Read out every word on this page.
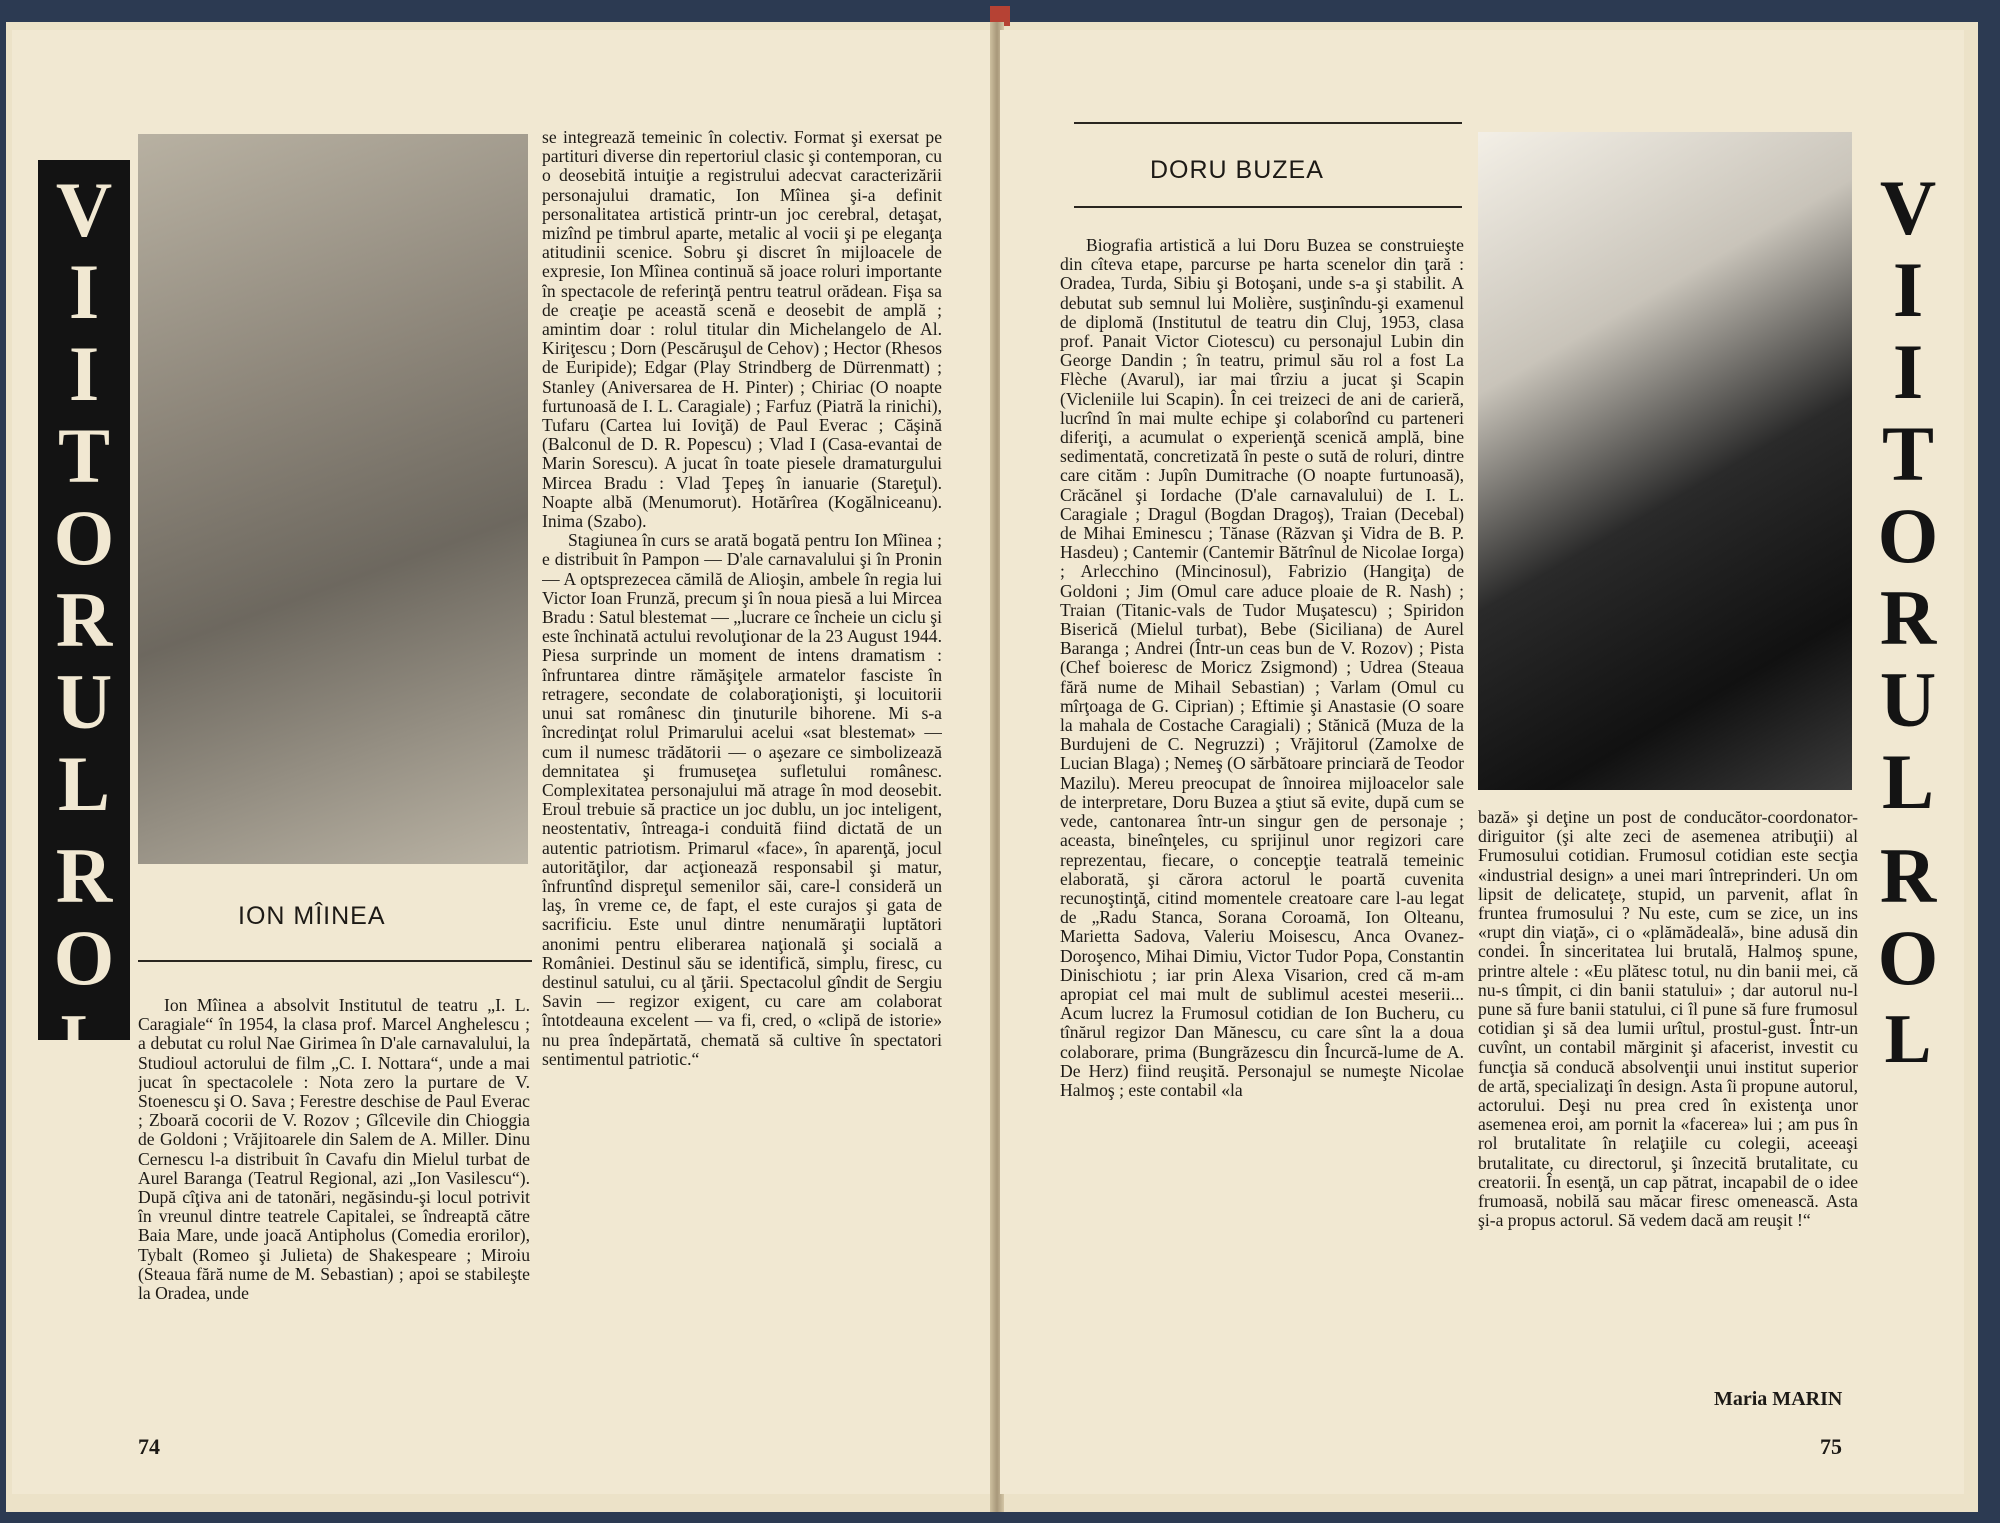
V
I
I
T
O
R
U
L
R
O
L
ION MÎINEA

Ion Mîinea a absolvit Institutul de teatru „I. L. Caragiale“ în 1954, la clasa prof. Marcel Anghelescu ; a debutat cu rolul Nae Girimea în D'ale carnavalului, la Studioul actorului de film „C. I. Nottara“, unde a mai jucat în spectacolele : Nota zero la purtare de V. Stoenescu şi O. Sava ; Ferestre deschise de Paul Everac ; Zboară cocorii de V. Rozov ; Gîlcevile din Chioggia de Goldoni ; Vrăjitoarele din Salem de A. Miller. Dinu Cernescu l-a distribuit în Cavafu din Mielul turbat de Aurel Baranga (Teatrul Regional, azi „Ion Vasilescu“). După cîţiva ani de tatonări, negăsindu-şi locul potrivit în vreunul dintre teatrele Capitalei, se îndreaptă către Baia Mare, unde joacă Antipholus (Comedia erorilor), Tybalt (Romeo şi Julieta) de Shakespeare ; Miroiu (Steaua fără nume de M. Sebastian) ; apoi se stabileşte la Oradea, unde

se integrează temeinic în colectiv. Format şi exersat pe partituri diverse din repertoriul clasic şi contemporan, cu o deosebită intuiţie a registrului adecvat caracterizării personajului dramatic, Ion Mîinea şi-a definit personalitatea artistică printr-un joc cerebral, detaşat, mizînd pe timbrul aparte, metalic al vocii şi pe eleganţa atitudinii scenice. Sobru şi discret în mijloacele de expresie, Ion Mîinea continuă să joace roluri importante în spectacole de referinţă pentru teatrul orădean. Fişa sa de creaţie pe această scenă e deosebit de amplă ; amintim doar : rolul titular din Michelangelo de Al. Kiriţescu ; Dorn (Pescăruşul de Cehov) ; Hector (Rhesos de Euripide); Edgar (Play Strindberg de Dürrenmatt) ; Stanley (Aniversarea de H. Pinter) ; Chiriac (O noapte furtunoasă de I. L. Caragiale) ; Farfuz (Piatră la rinichi), Tufaru (Cartea lui Ioviţă) de Paul Everac ; Căşină (Balconul de D. R. Popescu) ; Vlad I (Casa-evantai de Marin Sorescu). A jucat în toate piesele dramaturgului Mircea Bradu : Vlad Ţepeş în ianuarie (Stareţul). Noapte albă (Menumorut). Hotărîrea (Kogălniceanu). Inima (Szabo).

Stagiunea în curs se arată bogată pentru Ion Mîinea ; e distribuit în Pampon — D'ale carnavalului şi în Pronin — A optsprezecea cămilă de Alioşin, ambele în regia lui Victor Ioan Frunză, precum şi în noua piesă a lui Mircea Bradu : Satul blestemat — „lucrare ce încheie un ciclu şi este închinată actului revoluţionar de la 23 August 1944. Piesa surprinde un moment de intens dramatism : înfruntarea dintre rămăşiţele armatelor fasciste în retragere, secondate de colaboraţionişti, şi locuitorii unui sat românesc din ţinuturile bihorene. Mi s-a încredinţat rolul Primarului acelui «sat blestemat» — cum il numesc trădătorii — o aşezare ce simbolizează demnitatea şi frumuseţea sufletului românesc. Complexitatea personajului mă atrage în mod deosebit. Eroul trebuie să practice un joc dublu, un joc inteligent, neostentativ, întreaga-i conduită fiind dictată de un autentic patriotism. Primarul «face», în aparenţă, jocul autorităţilor, dar acţionează responsabil şi matur, înfruntînd dispreţul semenilor săi, care-l consideră un laş, în vreme ce, de fapt, el este curajos şi gata de sacrificiu. Este unul dintre nenumăraţii luptători anonimi pentru eliberarea naţională şi socială a României. Destinul său se identifică, simplu, firesc, cu destinul satului, cu al ţării. Spectacolul gîndit de Sergiu Savin — regizor exigent, cu care am colaborat întotdeauna excelent — va fi, cred, o «clipă de istorie» nu prea îndepărtată, chemată să cultive în spectatori sentimentul patriotic.“

74
DORU BUZEA

Biografia artistică a lui Doru Buzea se construieşte din cîteva etape, parcurse pe harta scenelor din ţară : Oradea, Turda, Sibiu şi Botoşani, unde s-a şi stabilit. A debutat sub semnul lui Molière, susţinîndu-şi examenul de diplomă (Institutul de teatru din Cluj, 1953, clasa prof. Panait Victor Ciotescu) cu personajul Lubin din George Dandin ; în teatru, primul său rol a fost La Flèche (Avarul), iar mai tîrziu a jucat şi Scapin (Vicleniile lui Scapin). În cei treizeci de ani de carieră, lucrînd în mai multe echipe şi colaborînd cu parteneri diferiţi, a acumulat o experienţă scenică amplă, bine sedimentată, concretizată în peste o sută de roluri, dintre care cităm : Jupîn Dumitrache (O noapte furtunoasă), Crăcănel şi Iordache (D'ale carnavalului) de I. L. Caragiale ; Dragul (Bogdan Dragoş), Traian (Decebal) de Mihai Eminescu ; Tănase (Răzvan şi Vidra de B. P. Hasdeu) ; Cantemir (Cantemir Bătrînul de Nicolae Iorga) ; Arlecchino (Mincinosul), Fabrizio (Hangiţa) de Goldoni ; Jim (Omul care aduce ploaie de R. Nash) ; Traian (Titanic-vals de Tudor Muşatescu) ; Spiridon Biserică (Mielul turbat), Bebe (Siciliana) de Aurel Baranga ; Andrei (Într-un ceas bun de V. Rozov) ; Pista (Chef boieresc de Moricz Zsigmond) ; Udrea (Steaua fără nume de Mihail Sebastian) ; Varlam (Omul cu mîrţoaga de G. Ciprian) ; Eftimie şi Anastasie (O soare la mahala de Costache Caragiali) ; Stănică (Muza de la Burdujeni de C. Negruzzi) ; Vrăjitorul (Zamolxe de Lucian Blaga) ; Nemeş (O sărbătoare princiară de Teodor Mazilu). Mereu preocupat de înnoirea mijloacelor sale de interpretare, Doru Buzea a ştiut să evite, după cum se vede, cantonarea într-un singur gen de personaje ; aceasta, bineînţeles, cu sprijinul unor regizori care reprezentau, fiecare, o concepţie teatrală temeinic elaborată, şi cărora actorul le poartă cuvenita recunoştinţă, citind momentele creatoare care l-au legat de „Radu Stanca, Sorana Coroamă, Ion Olteanu, Marietta Sadova, Valeriu Moisescu, Anca Ovanez-Doroşenco, Mihai Dimiu, Victor Tudor Popa, Constantin Dinischiotu ; iar prin Alexa Visarion, cred că m-am apropiat cel mai mult de sublimul acestei meserii... Acum lucrez la Frumosul cotidian de Ion Bucheru, cu tînărul regizor Dan Mănescu, cu care sînt la a doua colaborare, prima (Bungrăzescu din Încurcă-lume de A. De Herz) fiind reuşită. Personajul se numeşte Nicolae Halmoş ; este contabil «la

bază» şi deţine un post de conducător-coordonator-diriguitor (şi alte zeci de asemenea atribuţii) al Frumosului cotidian. Frumosul cotidian este secţia «industrial design» a unei mari întreprinderi. Un om lipsit de delicateţe, stupid, un parvenit, aflat în fruntea frumosului ? Nu este, cum se zice, un ins «rupt din viaţă», ci o «plămădeală», bine adusă din condei. În sinceritatea lui brutală, Halmoş spune, printre altele : «Eu plătesc totul, nu din banii mei, că nu-s tîmpit, ci din banii statului» ; dar autorul nu-l pune să fure banii statului, ci îl pune să fure frumosul cotidian şi să dea lumii urîtul, prostul-gust. Într-un cuvînt, un contabil mărginit şi afacerist, investit cu funcţia să conducă absolvenţii unui institut superior de artă, specializaţi în design. Asta îi propune autorul, actorului. Deşi nu prea cred în existenţa unor asemenea eroi, am pornit la «facerea» lui ; am pus în rol brutalitate în relaţiile cu colegii, aceeaşi brutalitate, cu directorul, şi înzecită brutalitate, cu creatorii. În esenţă, un cap pătrat, incapabil de o idee frumoasă, nobilă sau măcar firesc omenească. Asta şi-a propus actorul. Să vedem dacă am reuşit !“

V
I
I
T
O
R
U
L
R
O
L
Maria MARIN
75
